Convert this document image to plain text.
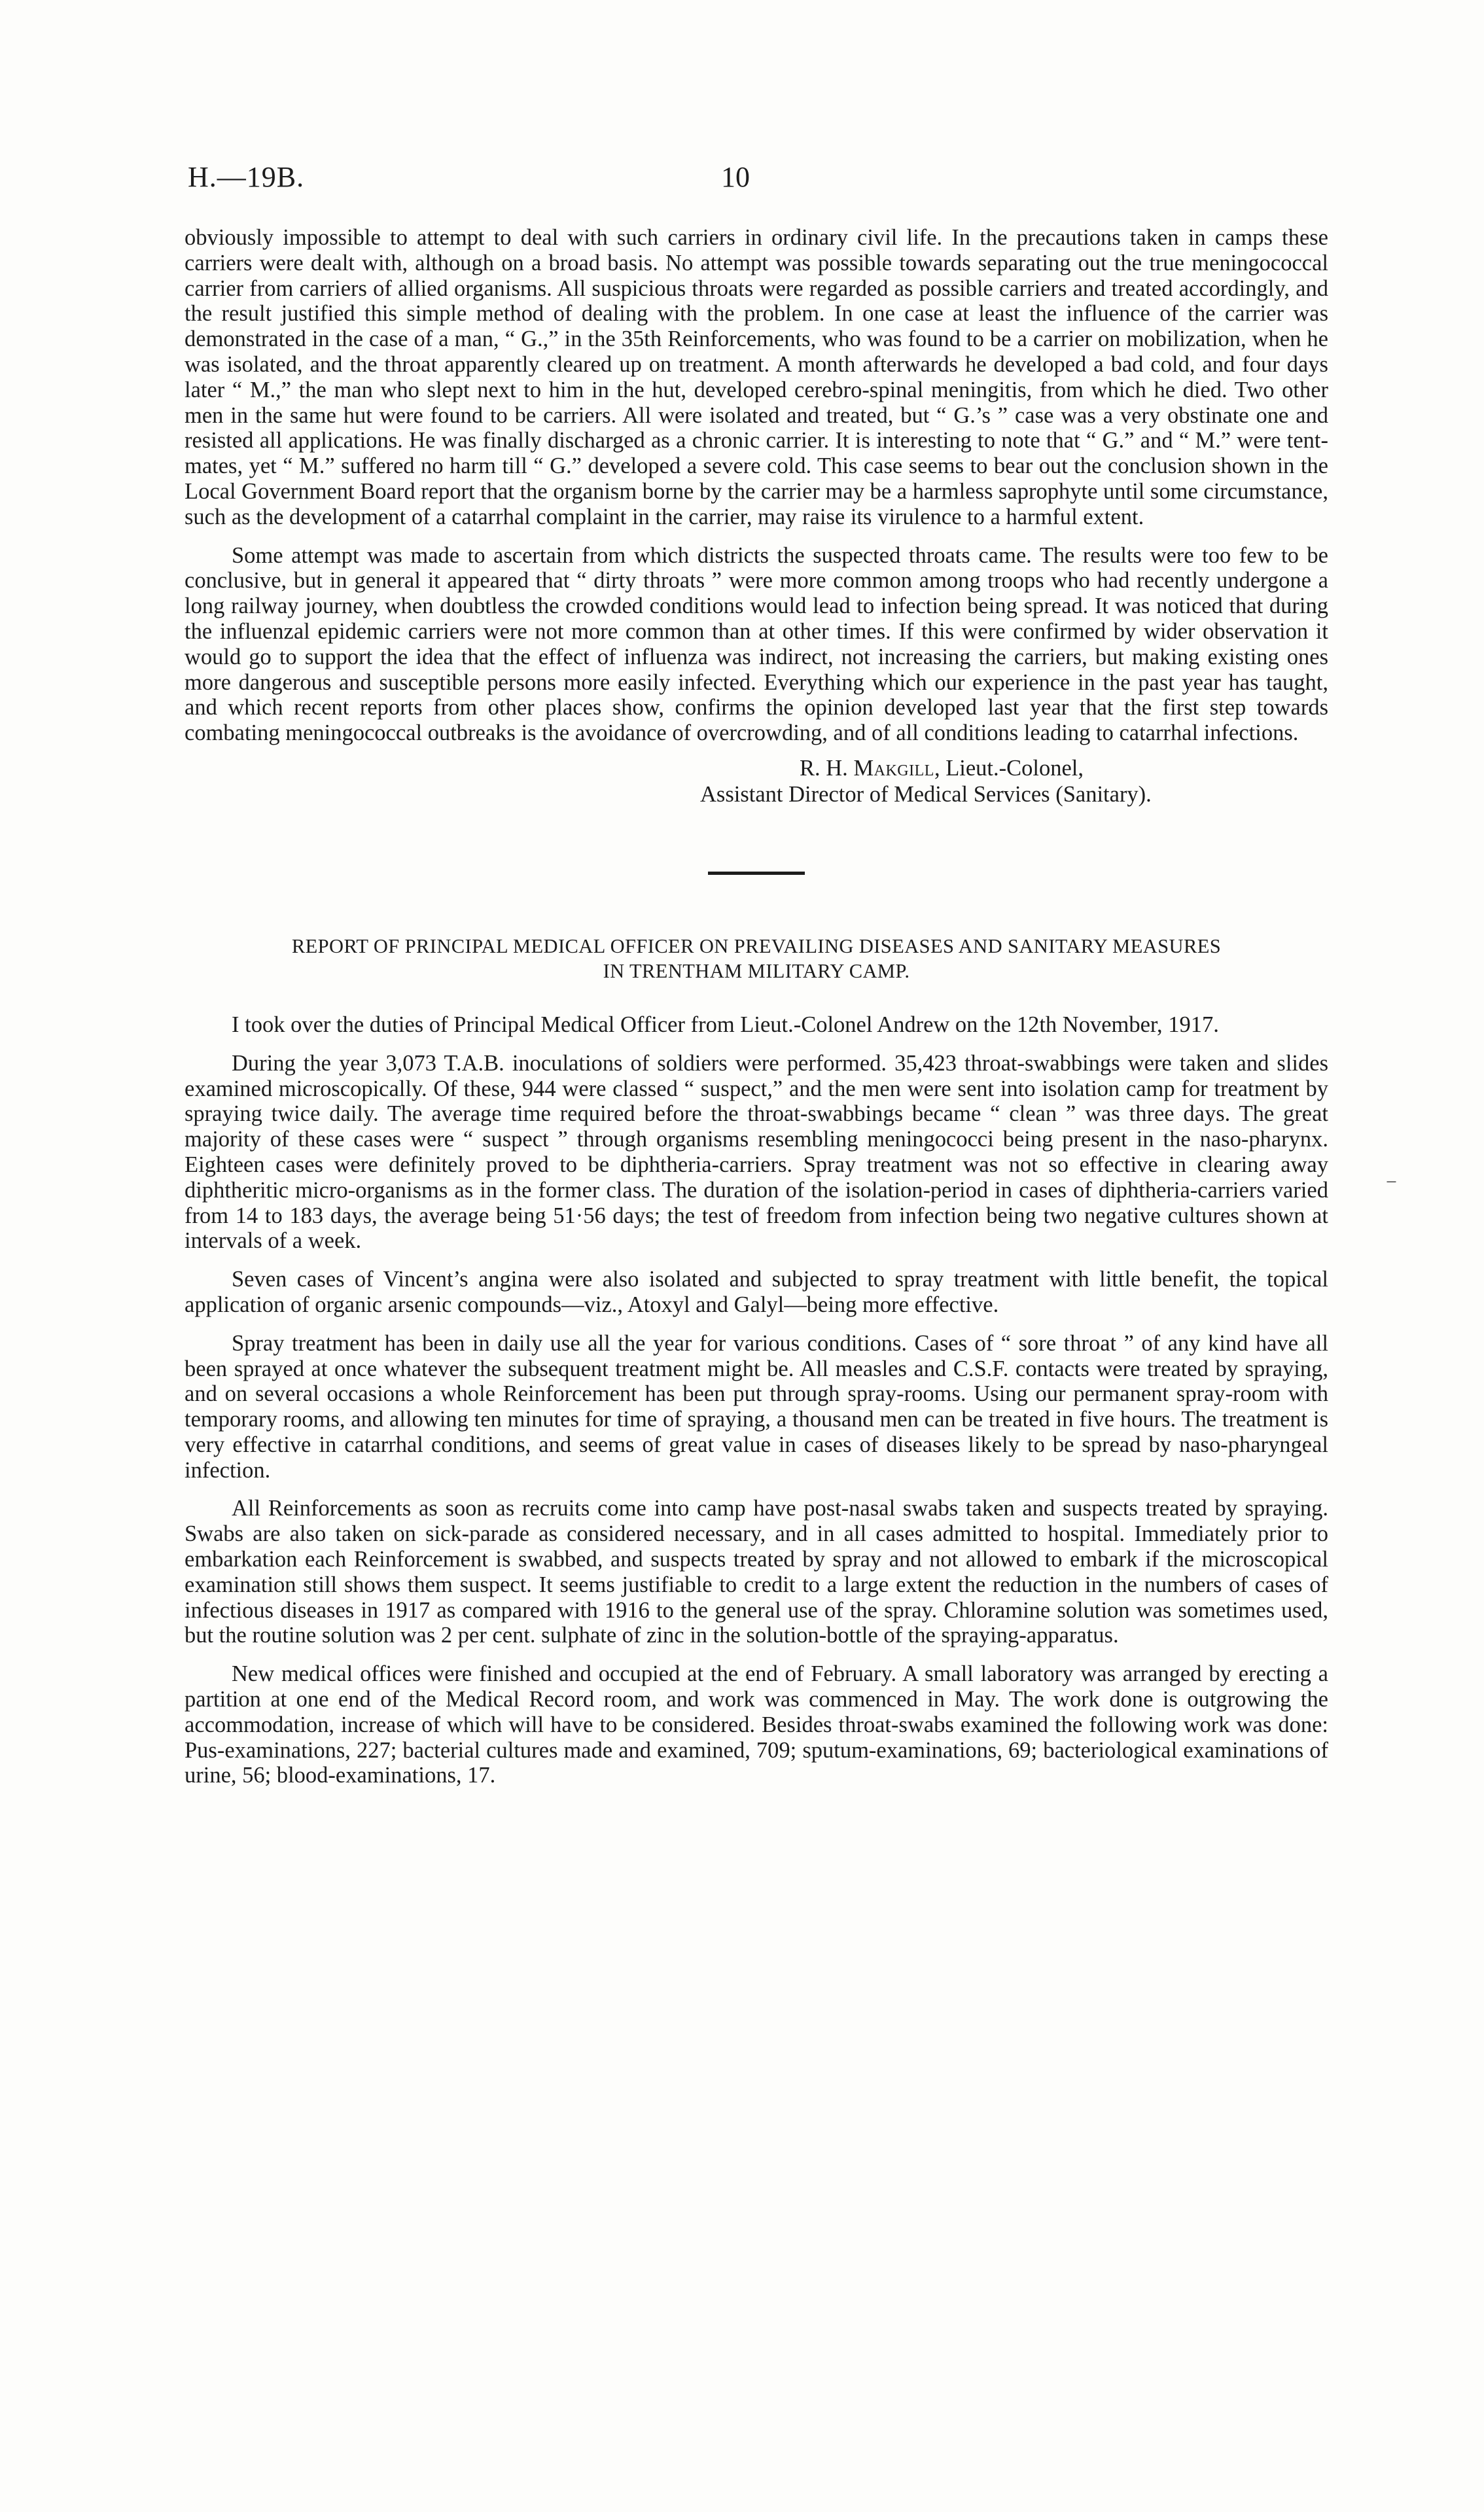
H.—19B.	10

obviously impossible to attempt to deal with such carriers in ordinary civil life. In the precautions taken in camps these carriers were dealt with, although on a broad basis. No attempt was possible towards separating out the true meningococcal carrier from carriers of allied organisms. All suspicious throats were regarded as possible carriers and treated accordingly, and the result justified this simple method of dealing with the problem. In one case at least the influence of the carrier was demonstrated in the case of a man, “ G.,” in the 35th Reinforcements, who was found to be a carrier on mobilization, when he was isolated, and the throat apparently cleared up on treatment. A month afterwards he developed a bad cold, and four days later “ M.,” the man who slept next to him in the hut, developed cerebro-spinal meningitis, from which he died. Two other men in the same hut were found to be carriers. All were isolated and treated, but “ G.’s ” case was a very obstinate one and resisted all applications. He was finally discharged as a chronic carrier. It is interesting to note that “ G.” and “ M.” were tent-mates, yet “ M.” suffered no harm till “ G.” developed a severe cold. This case seems to bear out the conclusion shown in the Local Government Board report that the organism borne by the carrier may be a harmless saprophyte until some circumstance, such as the development of a catarrhal complaint in the carrier, may raise its virulence to a harmful extent.

Some attempt was made to ascertain from which districts the suspected throats came. The results were too few to be conclusive, but in general it appeared that “ dirty throats ” were more common among troops who had recently undergone a long railway journey, when doubtless the crowded conditions would lead to infection being spread. It was noticed that during the influenzal epidemic carriers were not more common than at other times. If this were confirmed by wider observation it would go to support the idea that the effect of influenza was indirect, not increasing the carriers, but making existing ones more dangerous and susceptible persons more easily infected. Everything which our experience in the past year has taught, and which recent reports from other places show, confirms the opinion developed last year that the first step towards combating meningococcal outbreaks is the avoidance of overcrowding, and of all conditions leading to catarrhal infections.

R. H. Makgill, Lieut.-Colonel,
Assistant Director of Medical Services (Sanitary).
REPORT OF PRINCIPAL MEDICAL OFFICER ON PREVAILING DISEASES AND SANITARY MEASURES
IN TRENTHAM MILITARY CAMP.

I took over the duties of Principal Medical Officer from Lieut.-Colonel Andrew on the 12th November, 1917.

During the year 3,073 T.A.B. inoculations of soldiers were performed. 35,423 throat-swabbings were taken and slides examined microscopically. Of these, 944 were classed “ suspect,” and the men were sent into isolation camp for treatment by spraying twice daily. The average time required before the throat-swabbings became “ clean ” was three days. The great majority of these cases were “ suspect ” through organisms resembling meningococci being present in the naso-pharynx. Eighteen cases were definitely proved to be diphtheria-carriers. Spray treatment was not so effective in clearing away diphtheritic micro-organisms as in the former class. The duration of the isolation-period in cases of diphtheria-carriers varied from 14 to 183 days, the average being 51·56 days; the test of freedom from infection being two negative cultures shown at intervals of a week.

Seven cases of Vincent’s angina were also isolated and subjected to spray treatment with little benefit, the topical application of organic arsenic compounds—viz., Atoxyl and Galyl—being more effective.

Spray treatment has been in daily use all the year for various conditions. Cases of “ sore throat ” of any kind have all been sprayed at once whatever the subsequent treatment might be. All measles and C.S.F. contacts were treated by spraying, and on several occasions a whole Reinforcement has been put through spray-rooms. Using our permanent spray-room with temporary rooms, and allowing ten minutes for time of spraying, a thousand men can be treated in five hours. The treatment is very effective in catarrhal conditions, and seems of great value in cases of diseases likely to be spread by naso-pharyngeal infection.

All Reinforcements as soon as recruits come into camp have post-nasal swabs taken and suspects treated by spraying. Swabs are also taken on sick-parade as considered necessary, and in all cases admitted to hospital. Immediately prior to embarkation each Reinforcement is swabbed, and suspects treated by spray and not allowed to embark if the microscopical examination still shows them suspect. It seems justifiable to credit to a large extent the reduction in the numbers of cases of infectious diseases in 1917 as compared with 1916 to the general use of the spray. Chloramine solution was sometimes used, but the routine solution was 2 per cent. sulphate of zinc in the solution-bottle of the spraying-apparatus.

New medical offices were finished and occupied at the end of February. A small laboratory was arranged by erecting a partition at one end of the Medical Record room, and work was commenced in May. The work done is outgrowing the accommodation, increase of which will have to be considered. Besides throat-swabs examined the following work was done: Pus-examinations, 227; bacterial cultures made and examined, 709; sputum-examinations, 69; bacteriological examinations of urine, 56; blood-examinations, 17.

−
